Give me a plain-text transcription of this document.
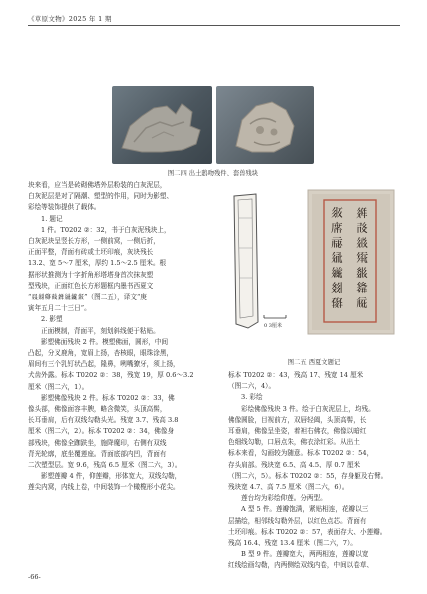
《草原文物》2025 年 1 期
图二四 出土鸱吻残件、套兽残块
0 3厘米
𗼇𘟙𗄊𗣼𗫂𗾔𗱈
𗤶𗰗𗤻𗋕𘔼𗌮𗏁
图二五 西夏文题记
块来看，应当是砖砌佛塔外层粉装的白灰泥层，
白灰泥层是对了隔潮、塑型的作用，同时为影塑、
彩绘等装饰提供了载体。
1. 题记
1 件。T0202 ②：32，书于白灰泥残块上，
白灰泥块呈竖长方形，一侧前窝，一侧后折，
正面平整，背面有砖或土坯印痕，灰块残长
13.2、宽 5～7 厘米，厚约 1.5～2.5 厘米。根
据形状推测为十字折角形塔塔身首次抹灰塑
型残块，正面红色长方形题框内墨书西夏文
“𘄴𗾔𗱈𗰗𗤶𗣼𗫂𗼇”（图二五），译文“庚
寅年五月二十三日”。
2. 影塑
正面模制，背面平，刻划斜线便于粘贴。
影塑佛面残块 2 件。模塑佛面，圆形，中间
凸起，分叉鹿角，宽眉上扬，杏核眼，眼珠涂黑，
眉间有三个乳钉状凸起，隆鼻，咧嘴獠牙，须上扬，
犬齿外露。标本 T0202 ②：38，残宽 19，厚 0.6～3.2
厘米（图二六，1）。
影塑佛像残块 2 件。标本 T0202 ②：33，佛
像头部，佛像面容丰腴，略含微笑，头顶高髻，
长耳垂肩，后有双线勾勒头光。残宽 3.7、残高 3.8
厘米（图二六，2）。标本 T0202 ②：34，佛像身
部残块，佛像全跏趺坐，施降魔印，右侧有双线
背光轮廓，底坐覆莲座。背面底部内凹，背面有
二次塑型层。宽 9.6，残高 6.5 厘米（图二六，3）。
影塑莲瓣 4 件，仰莲瓣，形体宽大，双线勾勒，
莲尖内窝，内线上卷，中间装饰一个橄榄形小花尖。
标本 T0202 ②：43，残高 17、残宽 14 厘米
（图二六，4）。
3. 彩绘
彩绘佛像残块 3 件。绘于白灰泥层上，均残。
佛像圆脸，目视前方，双唇轻阖，头顶高髻，长
耳垂肩，佛像呈坐姿，着袒右佛衣，佛像以暗红
色细线勾勒，口唇点朱，佛衣涂红彩。从出土
标本来看，勾画较为随意。标本 T0202 ②：54，
存头肩部。残块宽 6.5、高 4.5、厚 0.7 厘米
（图二六，5）。标本 T0202 ②：55，存身躯及右臂。
残块宽 4.7、高 7.5 厘米（图二六，6）。
莲台均为彩绘仰莲。分两型。
A 型 5 件。莲瓣饱满，紧贴相连，花瓣以三
层描绘，相邻线勾勒外层，以红色点芯。背面有
土坯印痕。标本 T0202 ②：57，表面存大、小莲瓣。
残高 16.4、残宽 13.4 厘米（图二六，7）。
B 型 9 件。莲瓣宽大，两两相连，莲瓣以宽
红线绘画勾勒，内两侧绘双线内卷，中间以卷草、
-66-
